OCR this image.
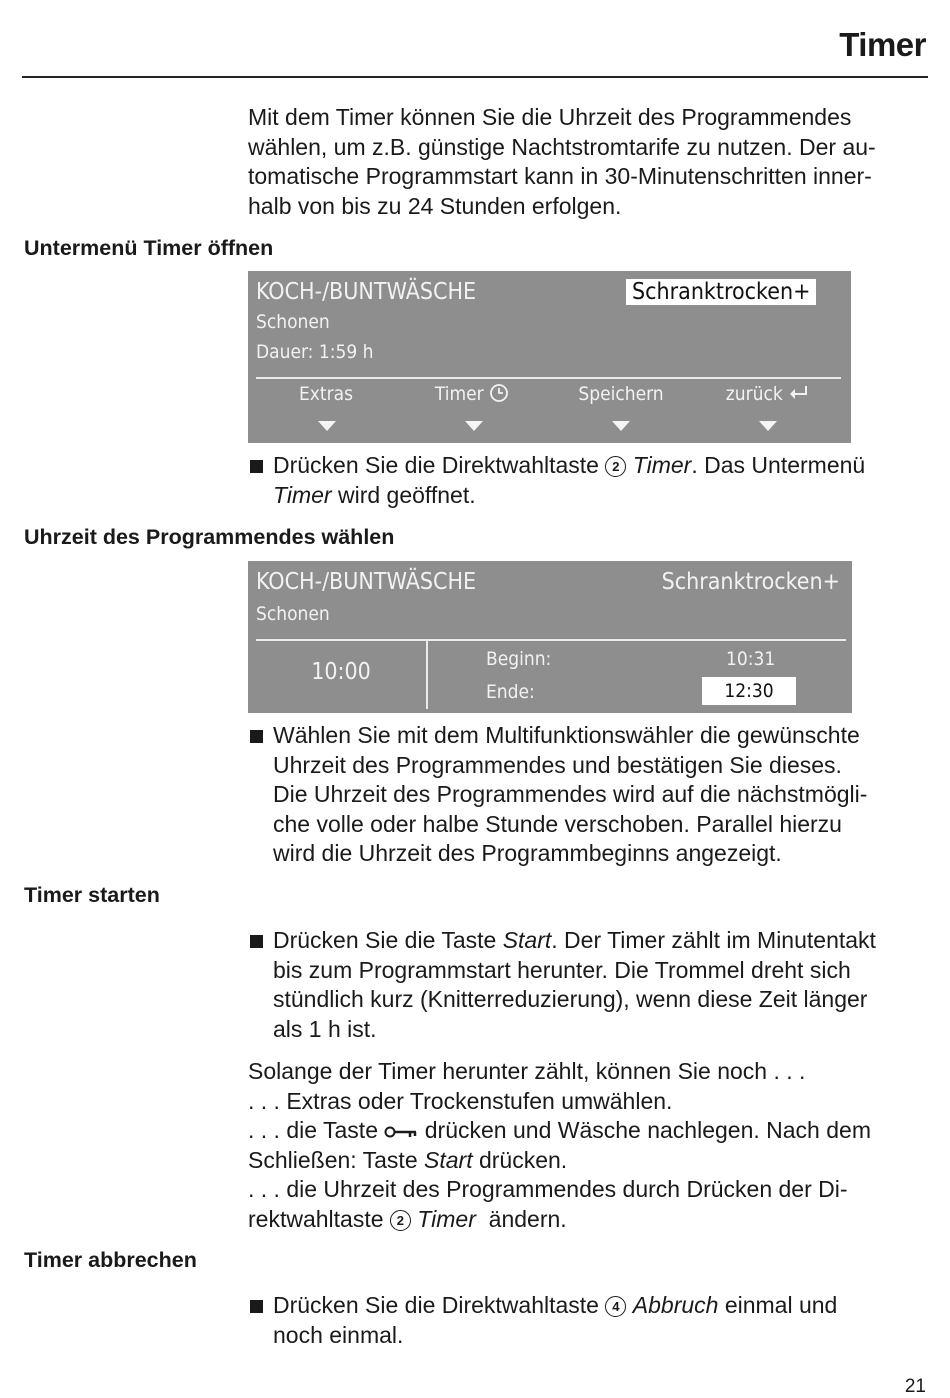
Timer
Mit dem Timer können Sie die Uhrzeit des Programmendes
wählen, um z.B. günstige Nachtstromtarife zu nutzen. Der au-
tomatische Programmstart kann in 30-Minutenschritten inner-
halb von bis zu 24 Stunden erfolgen.
Untermenü Timer öffnen
KOCH-/BUNTWÄSCHE	Schranktrocken+
Schonen
Dauer: 1:59 h
Extras	Timer	Speichern	zurück
Drücken Sie die Direktwahltaste 2 Timer. Das Untermenü
Timer wird geöffnet.
Uhrzeit des Programmendes wählen
KOCH-/BUNTWÄSCHE	Schranktrocken+
Schonen
10:00	Beginn:	10:31
Ende:	12:30
Wählen Sie mit dem Multifunktionswähler die gewünschte
Uhrzeit des Programmendes und bestätigen Sie dieses.
Die Uhrzeit des Programmendes wird auf die nächstmögli-
che volle oder halbe Stunde verschoben. Parallel hierzu
wird die Uhrzeit des Programmbeginns angezeigt.
Timer starten
Drücken Sie die Taste Start. Der Timer zählt im Minutentakt
bis zum Programmstart herunter. Die Trommel dreht sich
stündlich kurz (Knitterreduzierung), wenn diese Zeit länger
als 1 h ist.
Solange der Timer herunter zählt, können Sie noch . . .
. . . Extras oder Trockenstufen umwählen.
. . . die Taste  drücken und Wäsche nachlegen. Nach dem
Schließen: Taste Start drücken.
. . . die Uhrzeit des Programmendes durch Drücken der Di-
rektwahltaste 2 Timer  ändern.
Timer abbrechen
Drücken Sie die Direktwahltaste 4 Abbruch einmal und
noch einmal.
21
